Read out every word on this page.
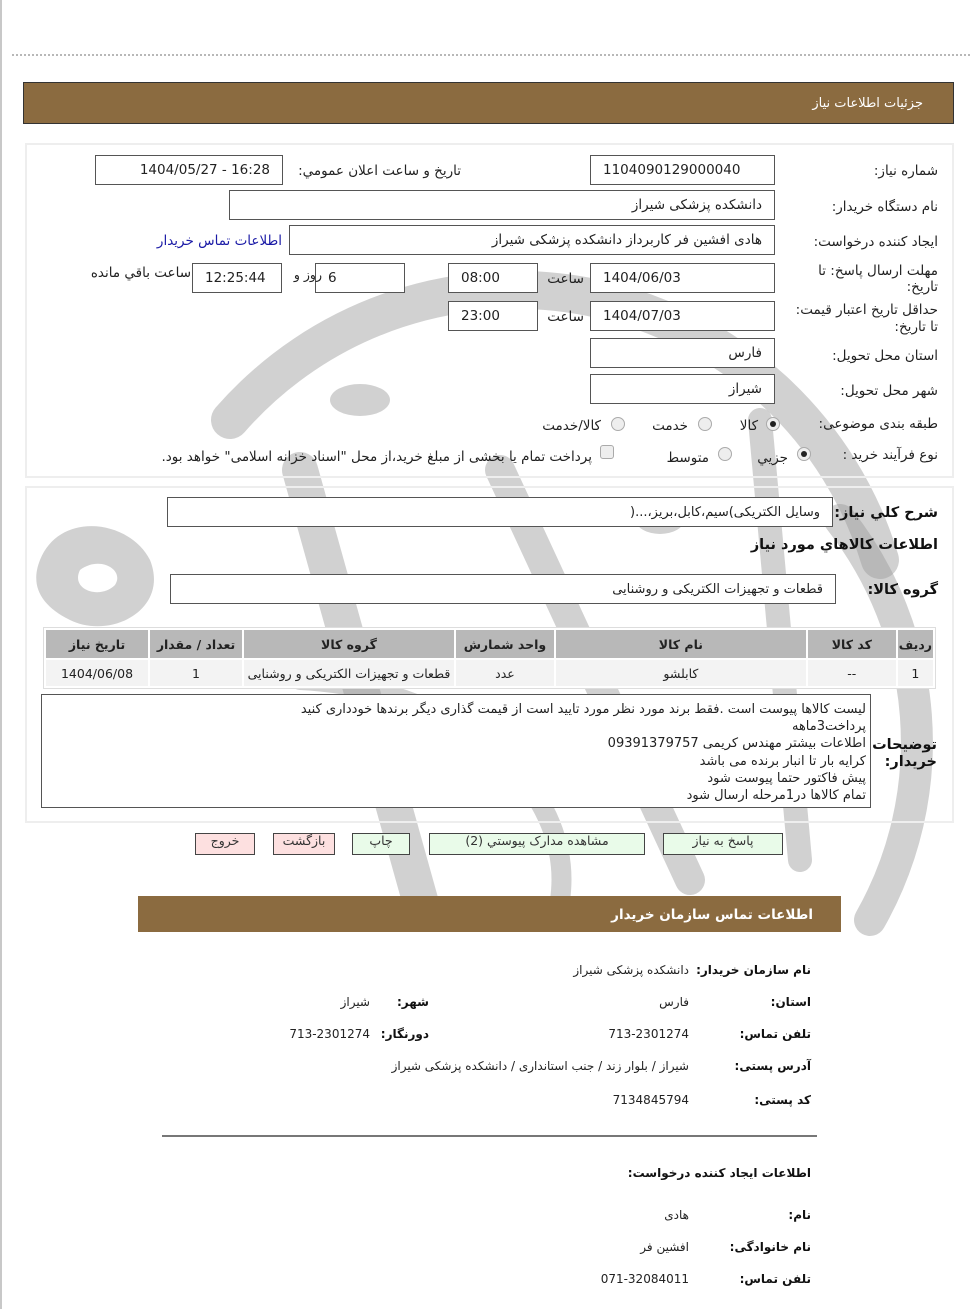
جزئیات اطلاعات نیاز
شماره نیاز:
1104090129000040
تاریخ و ساعت اعلان عمومي:
1404/05/27 - 16:28
نام دستگاه خریدار:
دانشکده پزشکی شیراز
ایجاد کننده درخواست:
هادی افشین فر کاربرداز دانشکده پزشکی شیراز
اطلاعات تماس خریدار
مهلت ارسال پاسخ: تا
تاریخ:
1404/06/03
ساعت
08:00
6
روز و
12:25:44
ساعت باقي مانده
حداقل تاریخ اعتبار قیمت:
تا تاریخ:
1404/07/03
ساعت
23:00
استان محل تحویل:
فارس
شهر محل تحویل:
شیراز
طبقه بندی موضوعی:
کالا
خدمت
کالا/خدمت
نوع فرآیند خرید :
جزیي
متوسط
پرداخت تمام یا بخشی از مبلغ خرید،از محل "اسناد خزانه اسلامی" خواهد بود.
شرح کلي نیاز:
وسایل الکتریکی)سیم،کابل،بریز،...(
اطلاعات کالاهاي مورد نیاز
گروه کالا:
قطعات و تجهیزات الکتریکی و روشنایی
ردیف	کد کالا	نام کالا	واحد شمارش	گروه کالا	تعداد / مقدار	تاریخ نیاز
1	--	کابلشو	عدد	قطعات و تجهیزات الکتریکی و روشنایی	1	1404/06/08
توضیحات
خریدار:
لیست کالاها پیوست است .فقط برند مورد نظر مورد تایید است از قیمت گذاری دیگر برندها خودداری کنید
پرداخت3ماهه
اطلاعات بیشتر مهندس کریمی 09391379757
کرایه بار تا انبار برنده می باشد
پیش فاکتور حتما پیوست شود
تمام کالاها در1مرحله ارسال شود
پاسخ به نیاز
مشاهده مدارک پیوستي (2)
چاپ
بازگشت
خروج
اطلاعات تماس سازمان خریدار
نام سازمان خریدار:
دانشکده پزشکی شیراز
استان:
فارس
شهر:
شیراز
تلفن تماس:
713-2301274
دورنگار:
713-2301274
آدرس پستی:
شیراز / بلوار زند / جنب استانداری / دانشکده پزشکی شیراز
کد پستی:
7134845794
اطلاعات ایجاد کننده درخواست:
نام:
هادی
نام خانوادگی:
افشین فر
تلفن تماس:
071-32084011
